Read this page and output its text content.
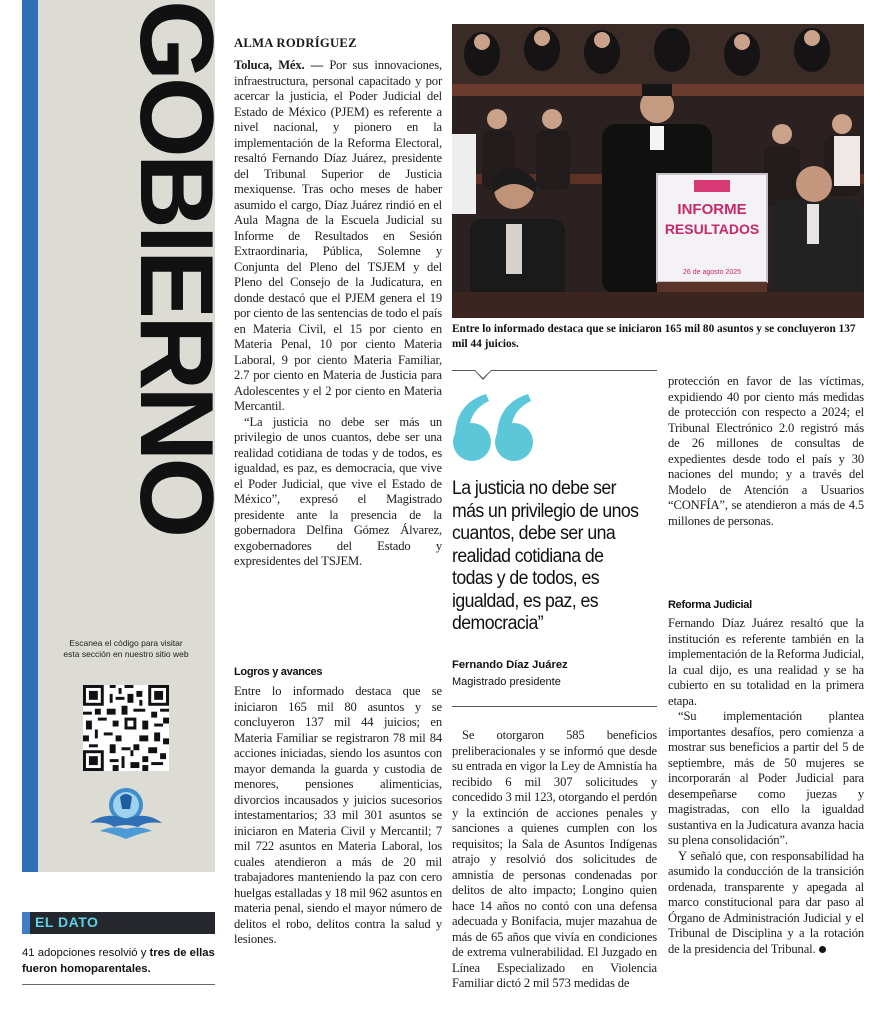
GOBIERNO
Escanea el código para visitar
esta sección en nuestro sitio web
EL DATO
41 adopciones resolvió y tres de ellas fueron homoparentales.
ALMA RODRÍGUEZ

Toluca, Méx. — Por sus innovaciones, infraestructura, personal capacitado y por acercar la justicia, el Poder Judicial del Estado de México (PJEM) es referente a nivel nacional, y pionero en la implementación de la Reforma Electoral, resaltó Fernando Díaz Juárez, presidente del Tribunal Superior de Justicia mexiquense. Tras ocho meses de haber asumido el cargo, Díaz Juárez rindió en el Aula Magna de la Escuela Judicial su Informe de Resultados en Sesión Extraordinaria, Pública, Solemne y Conjunta del Pleno del TSJEM y del Pleno del Consejo de la Judicatura, en donde destacó que el PJEM genera el 19 por ciento de las sentencias de todo el país en Materia Civil, el 15 por ciento en Materia Penal, 10 por ciento Materia Laboral, 9 por ciento Materia Familiar, 2.7 por ciento en Materia de Justicia para Adolescentes y el 2 por ciento en Materia Mercantil.

“La justicia no debe ser más un privilegio de unos cuantos, debe ser una realidad cotidiana de todas y de todos, es igualdad, es paz, es democracia, que vive el Poder Judicial, que vive el Estado de México”, expresó el Magistrado presidente ante la presencia de la gobernadora Delfina Gómez Álvarez, exgobernadores del Estado y expresidentes del TSJEM.

Logros y avances

Entre lo informado destaca que se iniciaron 165 mil 80 asuntos y se concluyeron 137 mil 44 juicios; en Materia Familiar se registraron 78 mil 84 acciones iniciadas, siendo los asuntos con mayor demanda la guarda y custodia de menores, pensiones alimenticias, divorcios incausados y juicios sucesorios intestamentarios; 33 mil 301 asuntos se iniciaron en Materia Civil y Mercantil; 7 mil 722 asuntos en Materia Laboral, los cuales atendieron a más de 20 mil trabajadores manteniendo la paz con cero huelgas estalladas y 18 mil 962 asuntos en materia penal, siendo el mayor número de delitos el robo, delitos contra la salud y lesiones.

INFORME
RESULTADOS
26 de agosto 2025
Entre lo informado destaca que se iniciaron 165 mil 80 asuntos y se concluyeron 137 mil 44 juicios.
La justicia no debe ser más un privilegio de unos cuantos, debe ser una realidad cotidiana de todas y de todos, es igualdad, es paz, es democracia”
Fernando Díaz Juárez
Magistrado presidente

Se otorgaron 585 beneficios preliberacionales y se informó que desde su entrada en vigor la Ley de Amnistía ha recibido 6 mil 307 solicitudes y concedido 3 mil 123, otorgando el perdón y la extinción de acciones penales y sanciones a quienes cumplen con los requisitos; la Sala de Asuntos Indígenas atrajo y resolvió dos solicitudes de amnistía de personas condenadas por delitos de alto impacto; Longino quien hace 14 años no contó con una defensa adecuada y Bonifacia, mujer mazahua de más de 65 años que vivía en condiciones de extrema vulnerabilidad. El Juzgado en Línea Especializado en Violencia Familiar dictó 2 mil 573 medidas de

protección en favor de las víctimas, expidiendo 40 por ciento más medidas de protección con respecto a 2024; el Tribunal Electrónico 2.0 registró más de 26 millones de consultas de expedientes desde todo el país y 30 naciones del mundo; y a través del Modelo de Atención a Usuarios “CONFÍA”, se atendieron a más de 4.5 millones de personas.

Reforma Judicial

Fernando Díaz Juárez resaltó que la institución es referente también en la implementación de la Reforma Judicial, la cual dijo, es una realidad y se ha cubierto en su totalidad en la primera etapa.

“Su implementación plantea importantes desafíos, pero comienza a mostrar sus beneficios a partir del 5 de septiembre, más de 50 mujeres se incorporarán al Poder Judicial para desempeñarse como juezas y magistradas, con ello la igualdad sustantiva en la Judicatura avanza hacia su plena consolidación”.

Y señaló que, con responsabilidad ha asumido la conducción de la transición ordenada, transparente y apegada al marco constitucional para dar paso al Órgano de Administración Judicial y el Tribunal de Disciplina y a la rotación de la presidencia del Tribunal.
